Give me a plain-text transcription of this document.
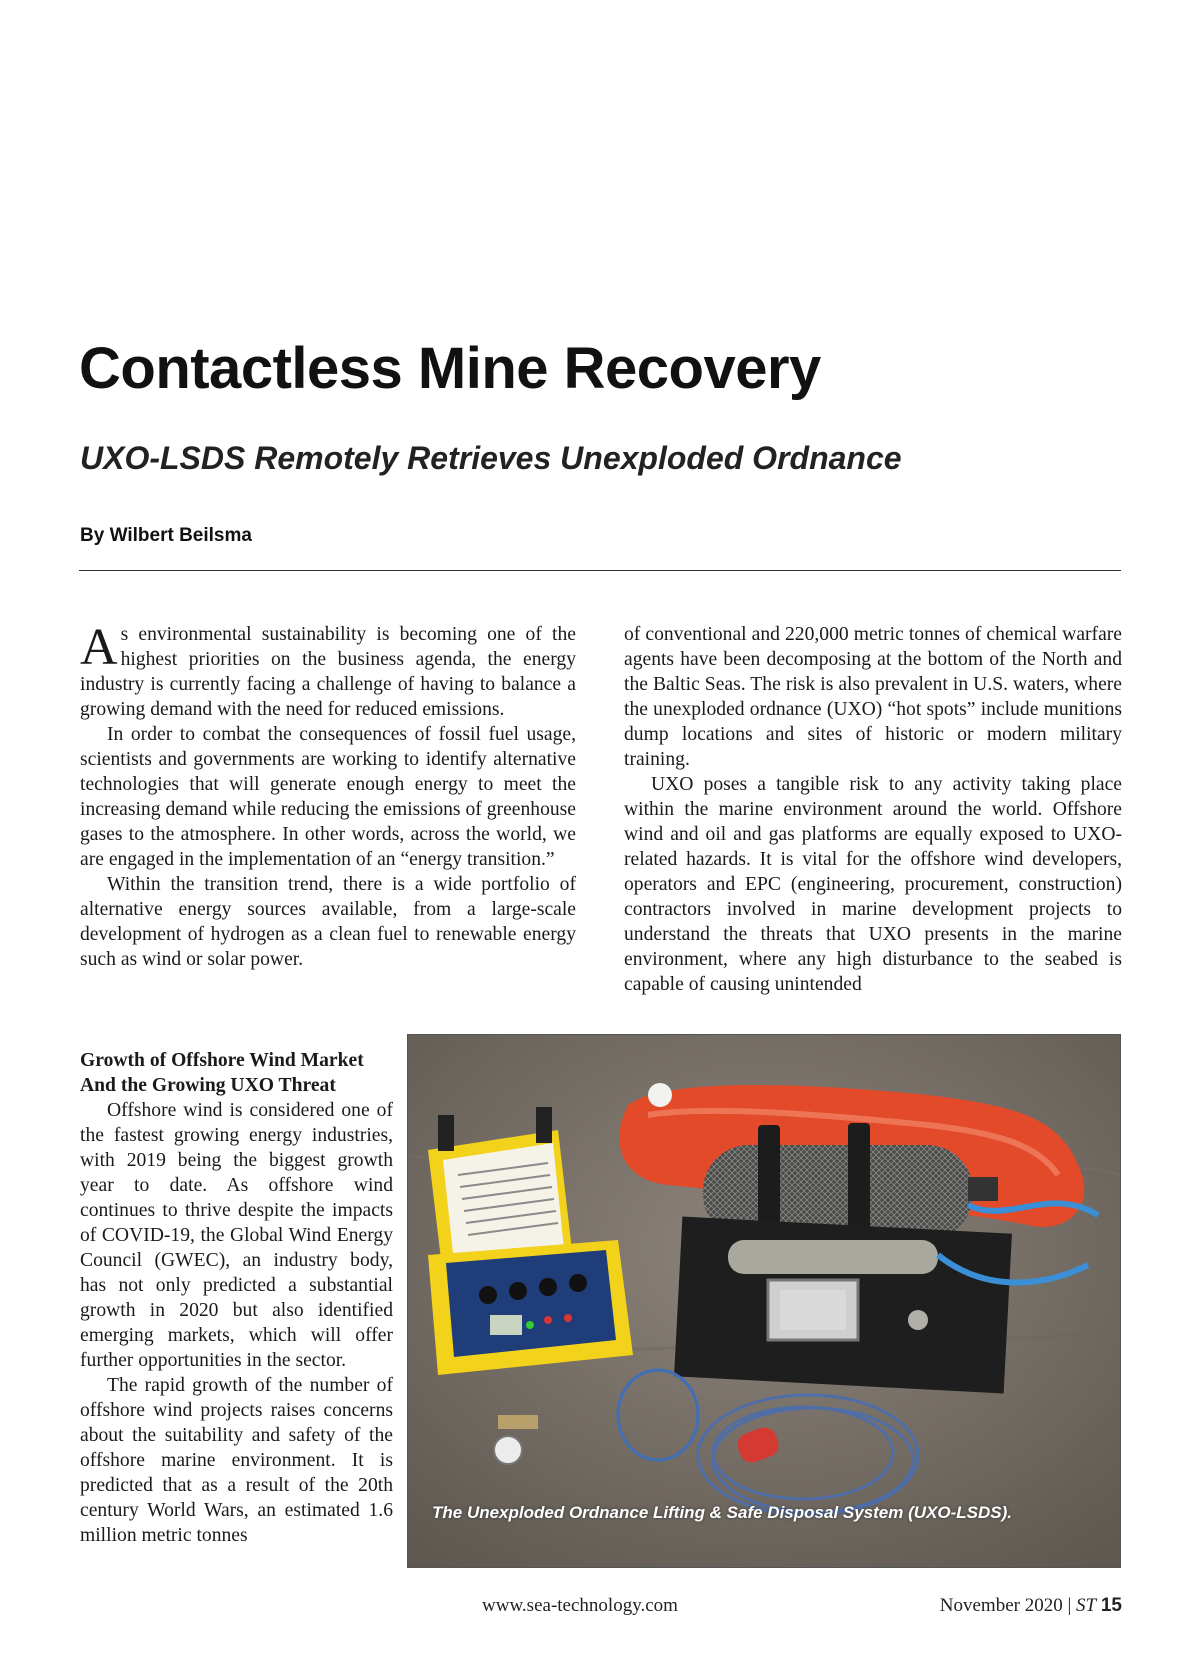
Contactless Mine Recovery
UXO-LSDS Remotely Retrieves Unexploded Ordnance
By Wilbert Beilsma

As environmental sustainability is becoming one of the highest priorities on the business agenda, the energy industry is currently facing a challenge of having to balance a growing demand with the need for reduced emissions.

In order to combat the consequences of fossil fuel usage, scientists and governments are working to identify alternative technologies that will generate enough energy to meet the increasing demand while reducing the emissions of greenhouse gases to the atmosphere. In other words, across the world, we are engaged in the implementation of an “energy transition.”

Within the transition trend, there is a wide portfolio of alternative energy sources available, from a large-scale development of hydrogen as a clean fuel to renewable energy such as wind or solar power.

of conventional and 220,000 metric tonnes of chemical warfare agents have been decomposing at the bottom of the North and the Baltic Seas. The risk is also prevalent in U.S. waters, where the unexploded ordnance (UXO) “hot spots” include munitions dump locations and sites of historic or modern military training.

UXO poses a tangible risk to any activity taking place within the marine environment around the world. Offshore wind and oil and gas platforms are equally exposed to UXO-related hazards. It is vital for the offshore wind developers, operators and EPC (engineering, procurement, construction) contractors involved in marine development projects to understand the threats that UXO presents in the marine environment, where any high disturbance to the seabed is capable of causing unintended

Growth of Offshore Wind Market And the Growing UXO Threat

Offshore wind is considered one of the fastest growing energy industries, with 2019 being the biggest growth year to date. As offshore wind continues to thrive despite the impacts of COVID-19, the Global Wind Energy Council (GWEC), an industry body, has not only predicted a substantial growth in 2020 but also identified emerging markets, which will offer further opportunities in the sector.

The rapid growth of the number of offshore wind projects raises concerns about the suitability and safety of the offshore marine environment. It is predicted that as a result of the 20th century World Wars, an estimated 1.6 million metric tonnes

The Unexploded Ordnance Lifting & Safe Disposal System (UXO-LSDS).
www.sea-technology.com	November 2020 | ST 15
